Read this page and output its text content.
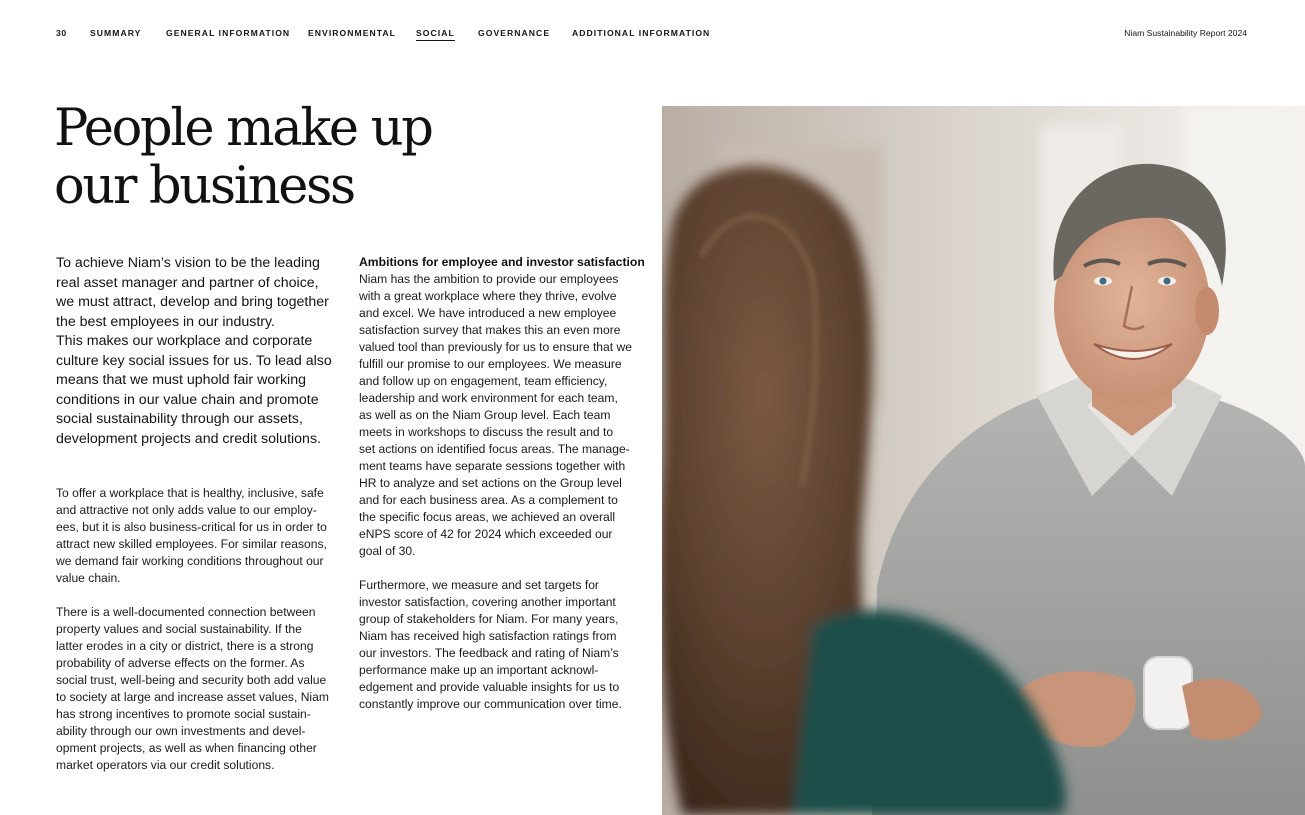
30	SUMMARY	GENERAL INFORMATION ENVIRONMENTAL SOCIAL	GOVERNANCE	ADDITIONAL INFORMATION	Niam Sustainability Report 2024
People make up
our business

To achieve Niam’s vision to be the leading
real asset manager and partner of choice,
we must attract, develop and bring together
the best employees in our industry.
This makes our workplace and corporate
culture key social issues for us. To lead also
means that we must uphold fair working
conditions in our value chain and promote
social sustainability through our assets,
development projects and credit solutions.

To offer a workplace that is healthy, inclusive, safe
and attractive not only adds value to our employ-
ees, but it is also business-critical for us in order to
attract new skilled employees. For similar reasons,
we demand fair working conditions throughout our
value chain.

There is a well-documented connection between
property values and social sustainability. If the
latter erodes in a city or district, there is a strong
probability of adverse effects on the former. As
social trust, well-being and security both add value
to society at large and increase asset values, Niam
has strong incentives to promote social sustain-
ability through our own investments and devel-
opment projects, as well as when financing other
market operators via our credit solutions.

Ambitions for employee and investor satisfaction

Niam has the ambition to provide our employees
with a great workplace where they thrive, evolve
and excel. We have introduced a new employee
satisfaction survey that makes this an even more
valued tool than previously for us to ensure that we
fulfill our promise to our employees. We measure
and follow up on engagement, team efficiency,
leadership and work environment for each team,
as well as on the Niam Group level. Each team
meets in workshops to discuss the result and to
set actions on identified focus areas. The manage-
ment teams have separate sessions together with
HR to analyze and set actions on the Group level
and for each business area. As a complement to
the specific focus areas, we achieved an overall
eNPS score of 42 for 2024 which exceeded our
goal of 30.

Furthermore, we measure and set targets for
investor satisfaction, covering another important
group of stakeholders for Niam. For many years,
Niam has received high satisfaction ratings from
our investors. The feedback and rating of Niam’s
performance make up an important acknowl-
edgement and provide valuable insights for us to
constantly improve our communication over time.
